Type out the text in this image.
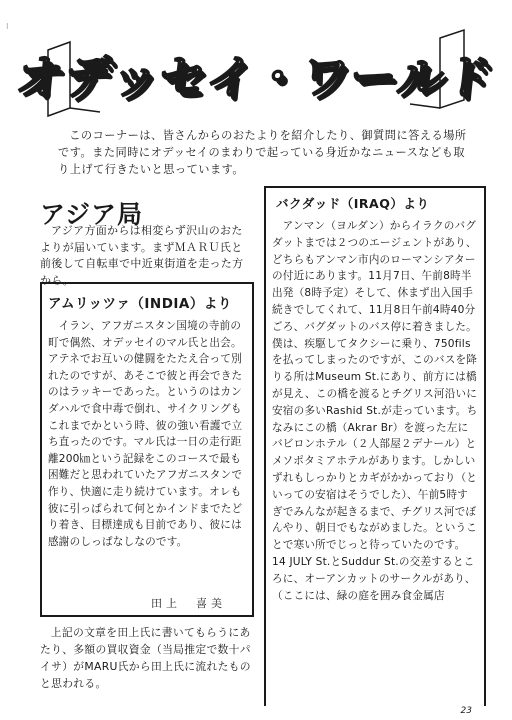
⁝
オデッセイ・ワールド

このコーナーは、皆さんからのおたよりを紹介したり、御質問に答える場所です。また同時にオデッセイのまわりで起っている身近かなニュースなども取り上げて行きたいと思っています。

アジア局

アジア方面からは相変らず沢山のおたよりが届いています。まずＭＡＲＵ氏と前後して自転車で中近東街道を走った方から。

アムリッツァ（INDIA）より

イラン、アフガニスタン国境の寺前の町で偶然、オデッセイのマル氏と出会。アテネでお互いの健闘をたたえ合って別れたのですが、あそこで彼と再会できたのはラッキーであった。というのはカンダハルで食中毒で倒れ、サイクリングもこれまでかという時、彼の強い看護で立ち直ったのです。マル氏は一日の走行距離200㎞という記録をこのコースで最も困難だと思われていたアフガニスタンで作り、快適に走り続けています。オレも彼に引っぱられて何とかインドまでたどり着き、目標達成も目前であり、彼には感謝のしっぱなしなのです。

田上　喜美

上記の文章を田上氏に書いてもらうにあたり、多額の買収資金（当局推定で数十パイサ）がMARU氏から田上氏に流れたものと思われる。

バクダッド（IRAQ）より

アンマン（ヨルダン）からイラクのバグダットまでは２つのエージェントがあり、どちらもアンマン市内のローマンシアターの付近にあります。11月7日、午前8時半出発（8時予定）そして、休まず出入国手続きでしてくれて、11月8日午前4時40分ごろ、バグダットのバス停に着きました。僕は、疾駆してタクシーに乗り、750filsを払ってしまったのですが、このバスを降りる所はMuseum St.にあり、前方には橋が見え、この橋を渡るとチグリス河沿いに安宿の多いRashid St.が走っています。ちなみにこの橋（Akrar Br）を渡った左にバビロンホテル（２人部屋２デナール）とメソポタミアホテルがあります。しかしいずれもしっかりとカギがかかっており（といっての安宿はそうでした）、午前5時すぎでみんなが起きるまで、チグリス河でぼんやり、朝日でもながめました。ということで寒い所でじっと待っていたのです。14 JULY St.とSuddur St.の交差するところに、オーアンカットのサークルがあり、（ここには、緑の庭を囲み食金属店

23
